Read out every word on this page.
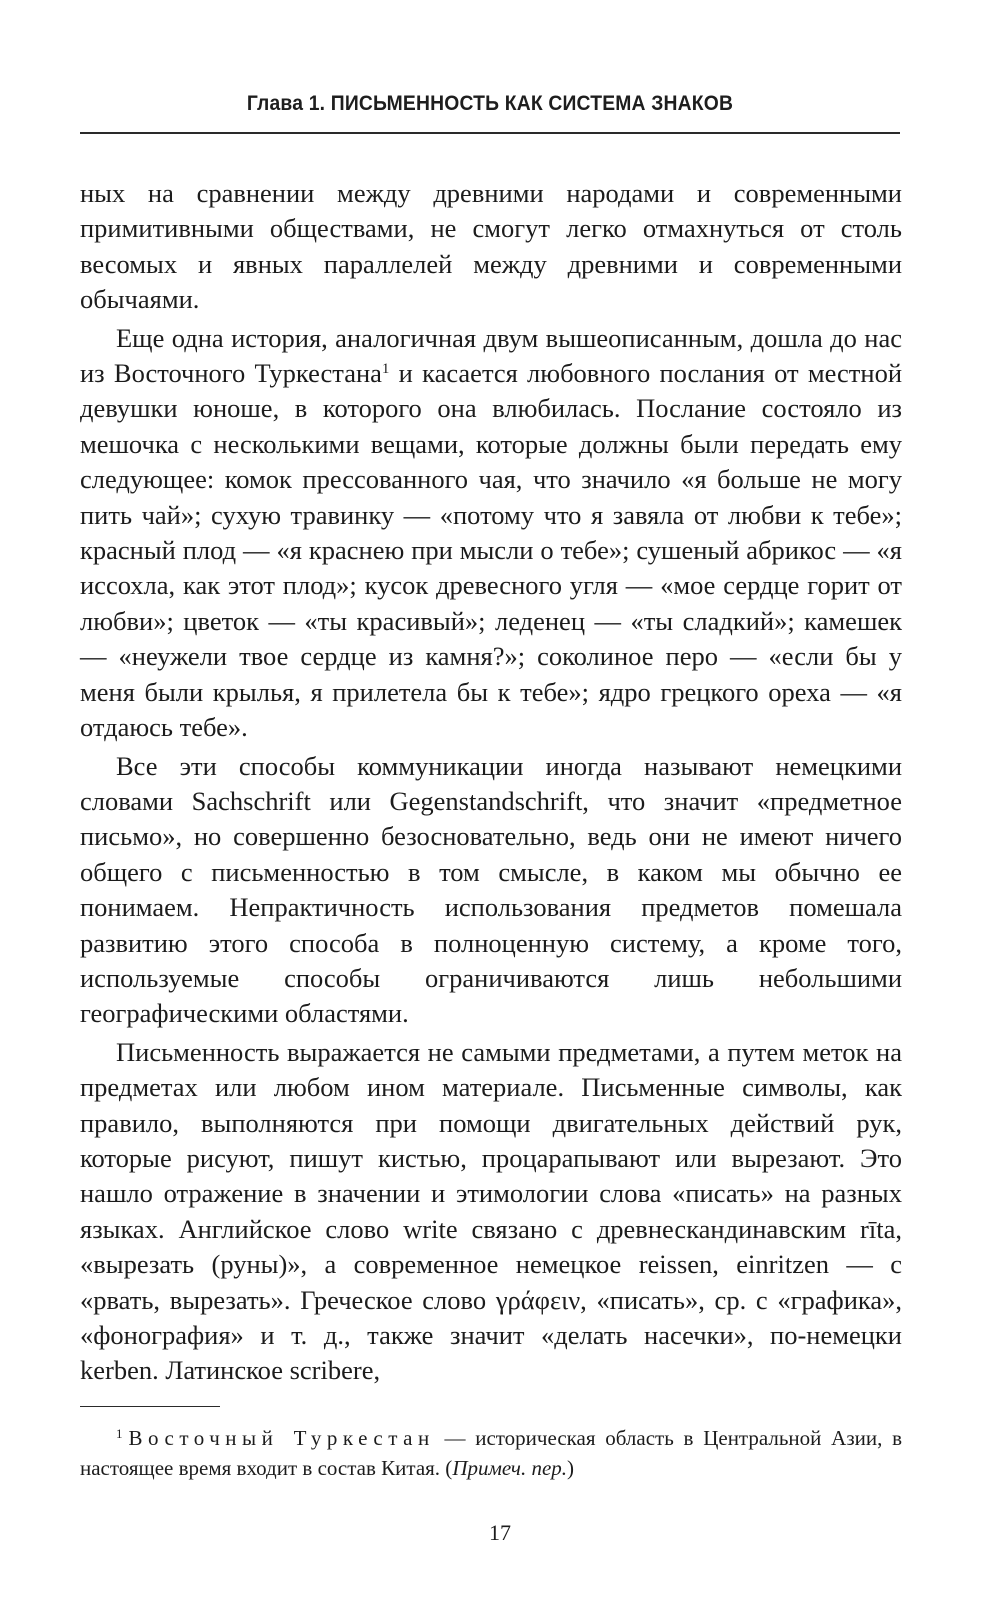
Глава 1. ПИСЬМЕННОСТЬ КАК СИСТЕМА ЗНАКОВ

ных на сравнении между древними народами и современными примитивными обществами, не смогут легко отмахнуться от столь весомых и явных параллелей между древними и современными обычаями.

Еще одна история, аналогичная двум вышеописанным, дошла до нас из Восточного Туркестана$^1$ и касается любовного послания от местной девушки юноше, в которого она влюбилась. Послание состояло из мешочка с несколькими вещами, которые должны были передать ему следующее: комок прессованного чая, что значило «я больше не могу пить чай»; сухую травинку — «потому что я завяла от любви к тебе»; красный плод — «я краснею при мысли о тебе»; сушеный абрикос — «я иссохла, как этот плод»; кусок древесного угля — «мое сердце горит от любви»; цветок — «ты красивый»; леденец — «ты сладкий»; камешек — «неужели твое сердце из камня?»; соколиное перо — «если бы у меня были крылья, я прилетела бы к тебе»; ядро грецкого ореха — «я отдаюсь тебе».

Все эти способы коммуникации иногда называют немецкими словами Sachschrift или Gegenstandschrift, что значит «предметное письмо», но совершенно безосновательно, ведь они не имеют ничего общего с письменностью в том смысле, в каком мы обычно ее понимаем. Непрактичность использования предметов помешала развитию этого способа в полноценную систему, а кроме того, используемые способы ограничиваются лишь небольшими географическими областями.

Письменность выражается не самыми предметами, а путем меток на предметах или любом ином материале. Письменные символы, как правило, выполняются при помощи двигательных действий рук, которые рисуют, пишут кистью, процарапывают или вырезают. Это нашло отражение в значении и этимологии слова «писать» на разных языках. Английское слово write связано с древнескандинавским rīta, «вырезать (руны)», а современное немецкое reissen, einritzen — с «рвать, вырезать». Греческое слово γράφειν, «писать», ср. с «графика», «фонография» и т. д., также значит «делать насечки», по-немецки kerben. Латинское scribere,

$^1$ Восточный Туркестан — историческая область в Центральной Азии, в настоящее время входит в состав Китая. (Примеч. пер.)

17
